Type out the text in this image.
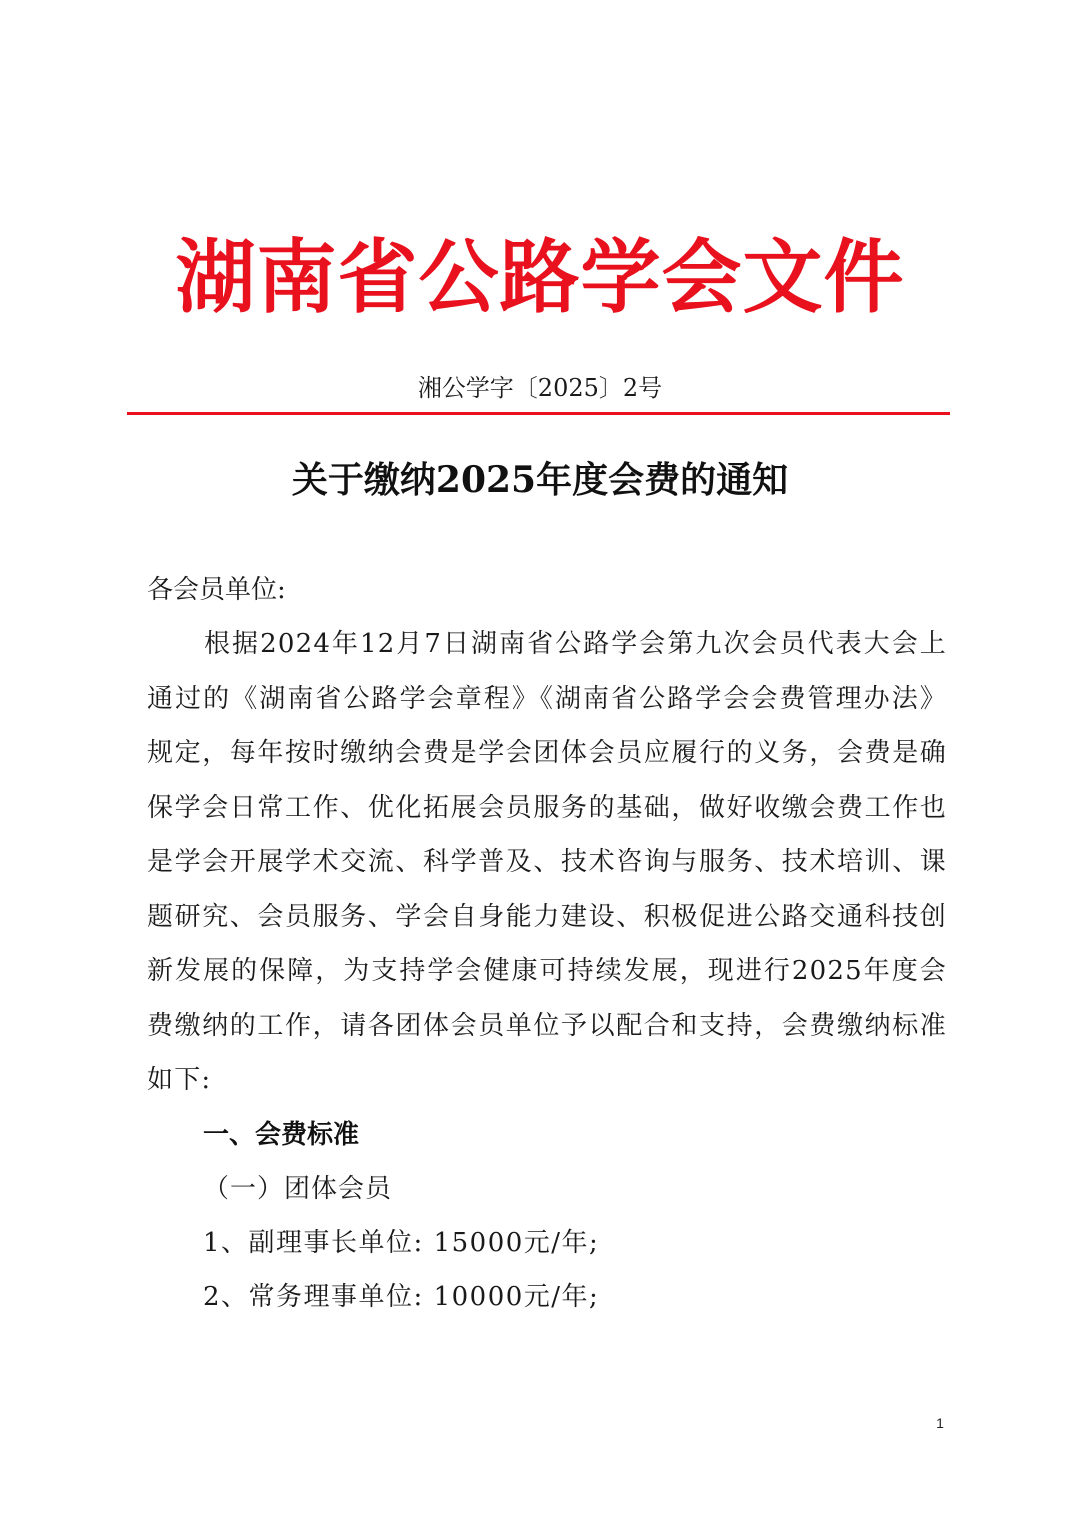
湖南省公路学会文件
湘公学字〔2025〕2号
关于缴纳2025年度会费的通知

各会员单位:

根据2024年12月7日湖南省公路学会第九次会员代表大会上通过的《湖南省公路学会章程》《湖南省公路学会会费管理办法》规定，每年按时缴纳会费是学会团体会员应履行的义务，会费是确保学会日常工作、优化拓展会员服务的基础，做好收缴会费工作也是学会开展学术交流、科学普及、技术咨询与服务、技术培训、课题研究、会员服务、学会自身能力建设、积极促进公路交通科技创新发展的保障，为支持学会健康可持续发展，现进行2025年度会费缴纳的工作，请各团体会员单位予以配合和支持，会费缴纳标准如下:

一、会费标准

（一）团体会员

1、副理事长单位: 15000元/年;

2、常务理事单位: 10000元/年;

1
